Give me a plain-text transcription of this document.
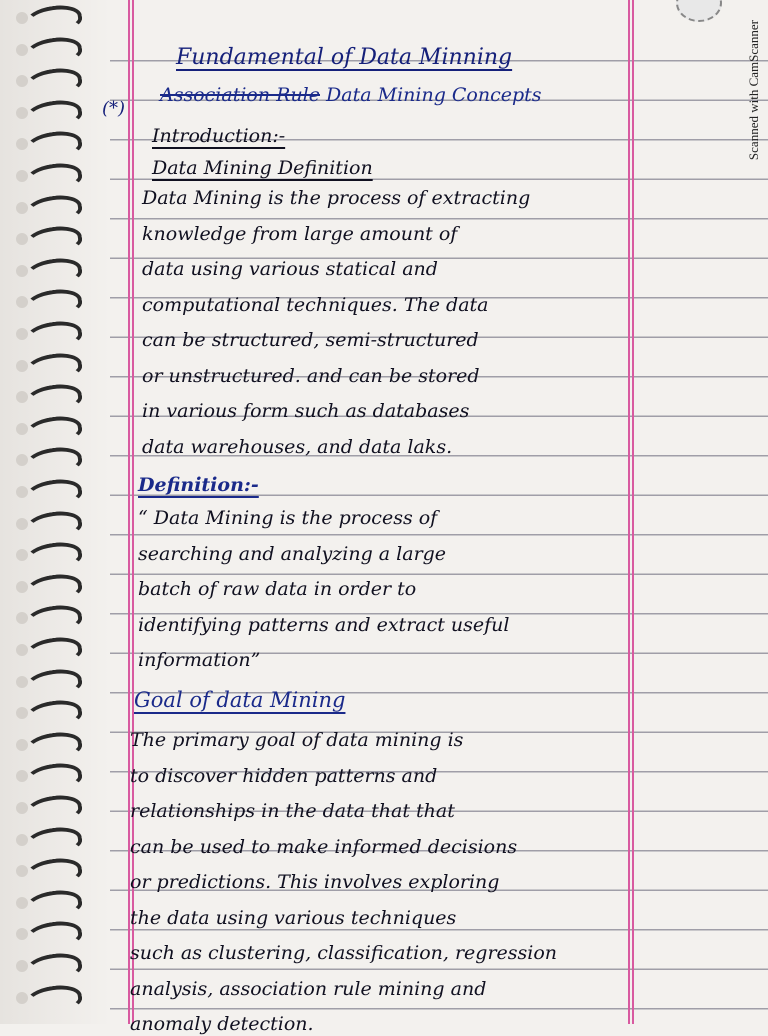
Scanned with CamScanner
Fundamental of Data Minning
(*)
Association Rule Data Mining Concepts
Introduction:-
Data Mining Definition
Data Mining is the process of extracting
knowledge from large amount of
data using various statical and
computational techniques. The data
can be structured, semi-structured
or unstructured. and can be stored
in various form such as databases
data warehouses, and data laks.
Definition:-
“ Data Mining is the process of
searching and analyzing a large
batch of raw data in order to
identifying patterns and extract useful
information”
Goal of data Mining
The primary goal of data mining is
to discover hidden patterns and
relationships in the data that that
can be used to make informed decisions
or predictions. This involves exploring
the data using various techniques
such as clustering, classification, regression
analysis, association rule mining and
anomaly detection.
